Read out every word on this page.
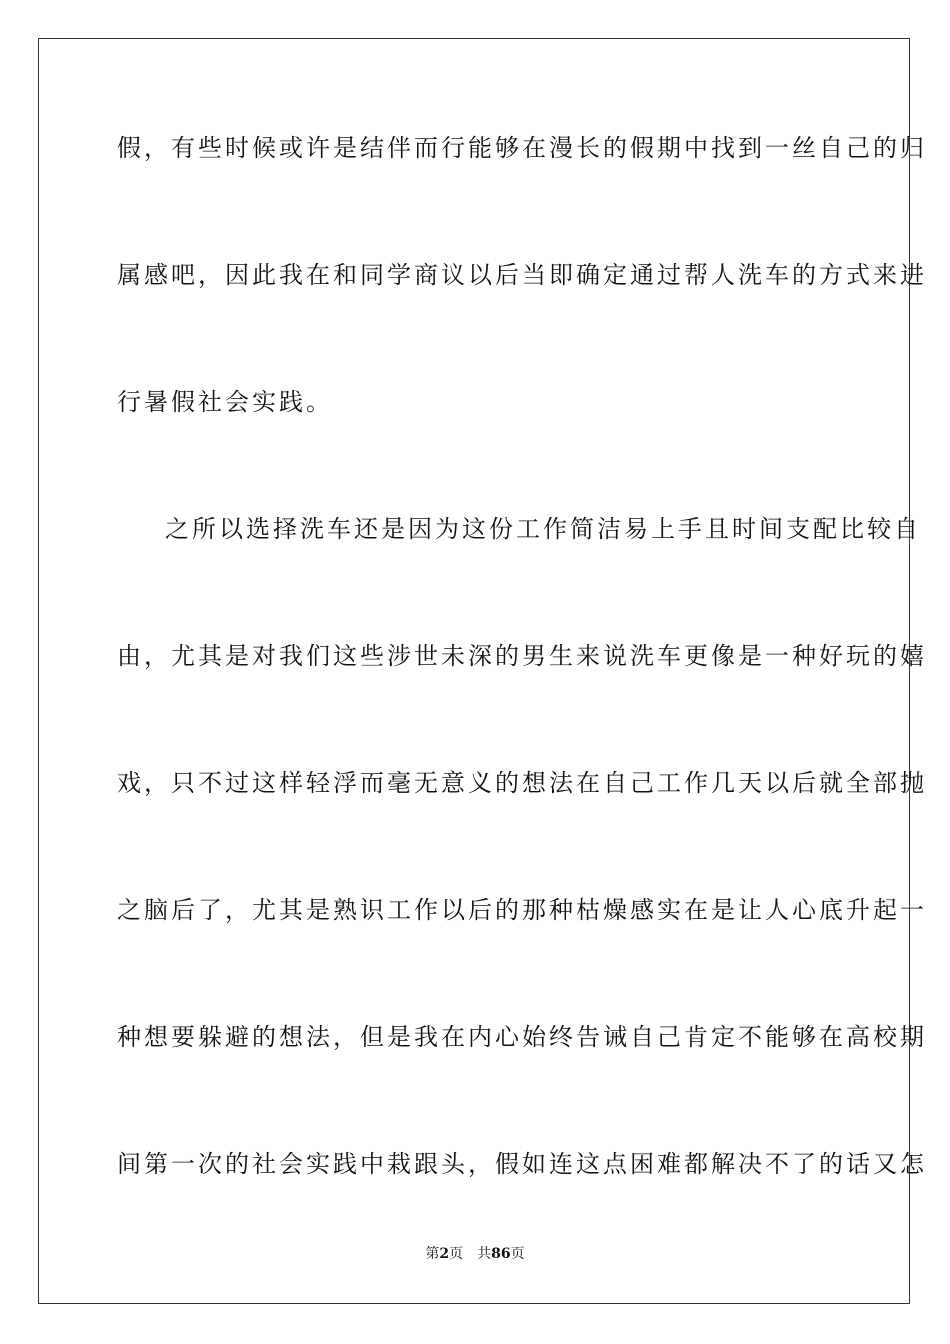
假，有些时候或许是结伴而行能够在漫长的假期中找到一丝自己的归
属感吧，因此我在和同学商议以后当即确定通过帮人洗车的方式来进
行暑假社会实践。
之所以选择洗车还是因为这份工作简洁易上手且时间支配比较自
由，尤其是对我们这些涉世未深的男生来说洗车更像是一种好玩的嬉
戏，只不过这样轻浮而毫无意义的想法在自己工作几天以后就全部抛
之脑后了，尤其是熟识工作以后的那种枯燥感实在是让人心底升起一
种想要躲避的想法，但是我在内心始终告诫自己肯定不能够在高校期
间第一次的社会实践中栽跟头，假如连这点困难都解决不了的话又怎
第2页 共86页
